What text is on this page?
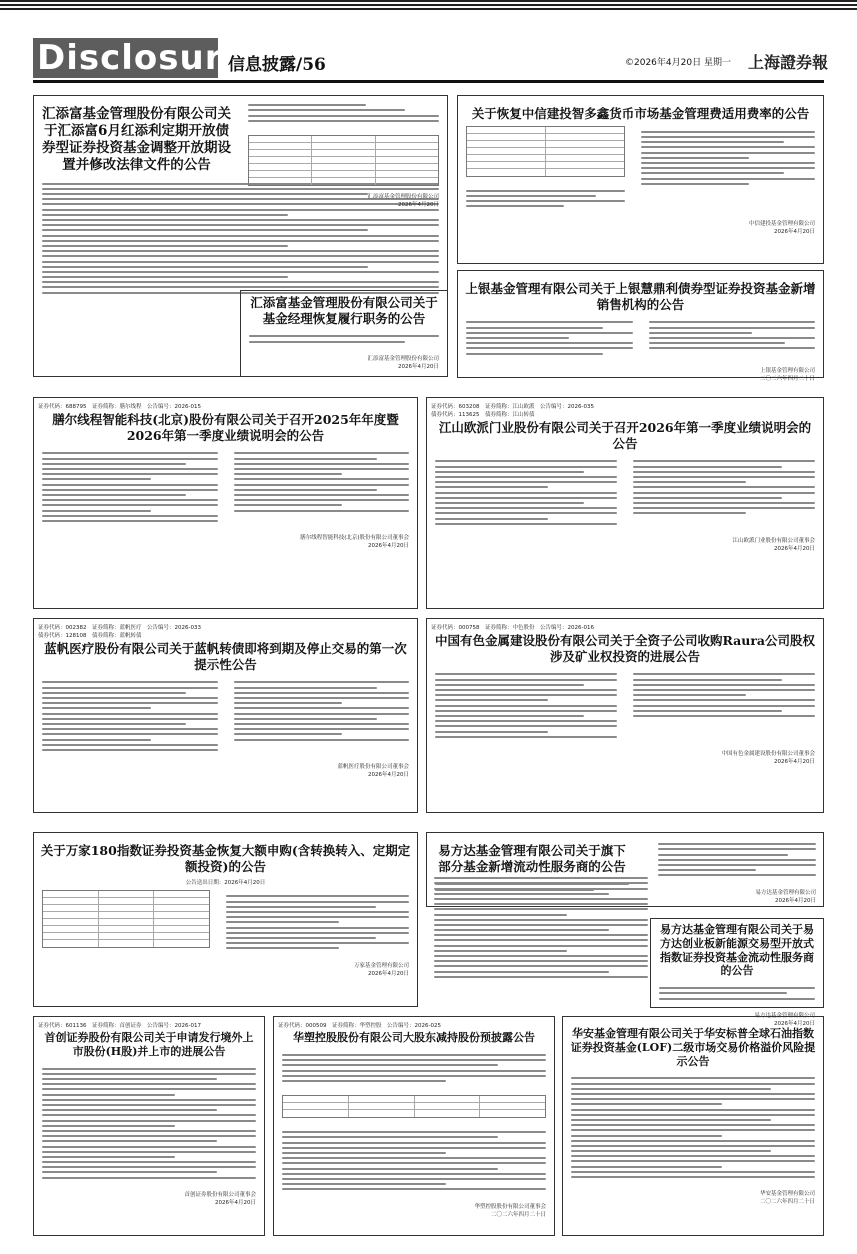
Disclosure
信息披露/56	©2026年4月20日 星期一 上海證券報
汇添富基金管理股份有限公司关于汇添富6月红添利定期开放债券型证券投资基金调整开放期设置并修改法律文件的公告
汇添富基金管理股份有限公司
2026年4月20日
汇添富基金管理股份有限公司关于基金经理恢复履行职务的公告
汇添富基金管理股份有限公司
2026年4月20日
关于恢复中信建投智多鑫货币市场基金管理费适用费率的公告
中信建投基金管理有限公司
2026年4月20日
上银基金管理有限公司关于上银慧鼎利债券型证券投资基金新增销售机构的公告
上银基金管理有限公司
二〇二六年四月二十日
证券代码：688795　证券简称：膳尔线程　公告编号：2026-015
膳尔线程智能科技(北京)股份有限公司关于召开2025年年度暨2026年第一季度业绩说明会的公告
膳尔线程智能科技(北京)股份有限公司董事会
2026年4月20日
证券代码：603208　证券简称：江山欧派　公告编号：2026-035
债券代码：113625　债券简称：江山转债
江山欧派门业股份有限公司关于召开2026年第一季度业绩说明会的公告
江山欧派门业股份有限公司董事会
2026年4月20日
证券代码：002382　证券简称：蓝帆医疗　公告编号：2026-033
债券代码：128108　债券简称：蓝帆转债
蓝帆医疗股份有限公司关于蓝帆转债即将到期及停止交易的第一次提示性公告
蓝帆医疗股份有限公司董事会
2026年4月20日
证券代码：000758　证券简称：中色股份　公告编号：2026-016
中国有色金属建设股份有限公司关于全资子公司收购Raura公司股权涉及矿业权投资的进展公告
中国有色金属建设股份有限公司董事会
2026年4月20日
关于万家180指数证券投资基金恢复大额申购(含转换转入、定期定额投资)的公告
公告送出日期：2026年4月20日
万家基金管理有限公司
2026年4月20日
易方达基金管理有限公司关于旗下部分基金新增流动性服务商的公告
易方达基金管理有限公司
2026年4月20日
易方达基金管理有限公司关于易方达创业板新能源交易型开放式指数证券投资基金流动性服务商的公告
易方达基金管理有限公司
2026年4月20日
证券代码：601136　证券简称：首创证券　公告编号：2026-017
首创证券股份有限公司关于申请发行境外上市股份(H股)并上市的进展公告
首创证券股份有限公司董事会
2026年4月20日
证券代码：000509　证券简称：华塑控股　公告编号：2026-025
华塑控股股份有限公司大股东减持股份预披露公告
华塑控股股份有限公司董事会
二〇二六年四月二十日
华安基金管理有限公司关于华安标普全球石油指数证券投资基金(LOF)二级市场交易价格溢价风险提示公告
华安基金管理有限公司
二〇二六年四月二十日
